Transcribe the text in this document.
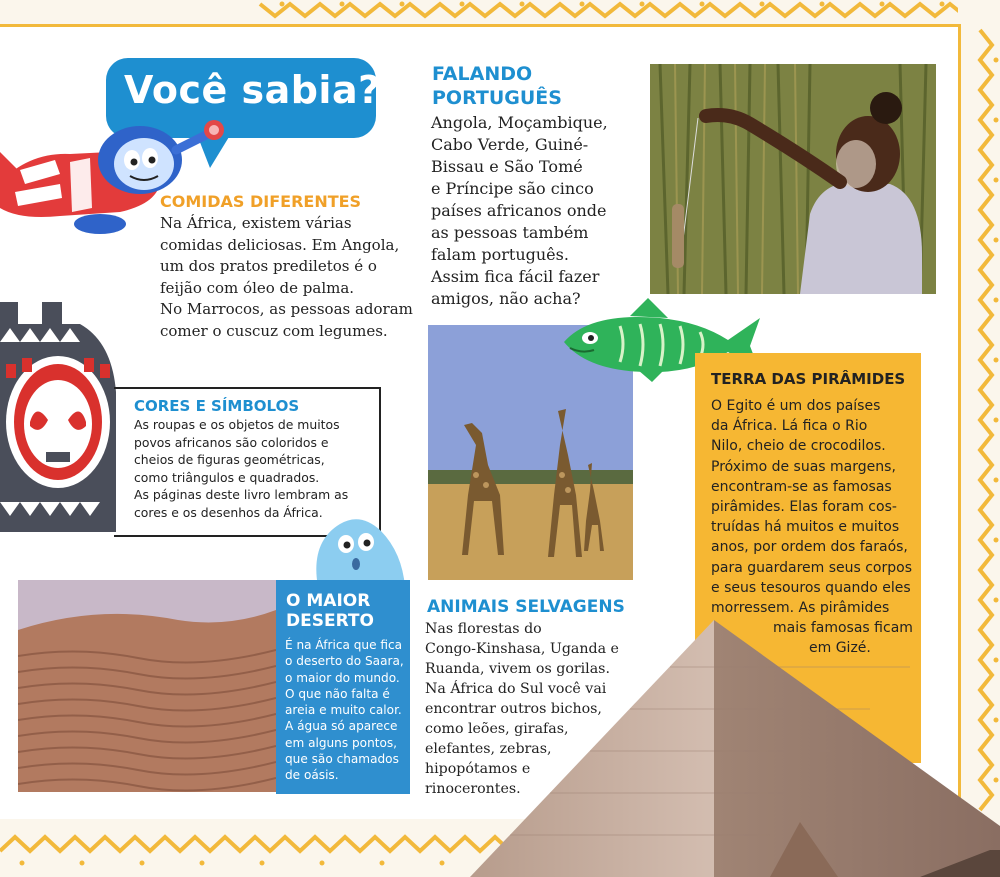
Você sabia?
COMIDAS DIFERENTES
Na África, existem várias
comidas deliciosas. Em Angola,
um dos pratos prediletos é o
feijão com óleo de palma.
No Marrocos, as pessoas adoram
comer o cuscuz com legumes.
FALANDO
PORTUGUÊS
Angola, Moçambique,
Cabo Verde, Guiné-
Bissau e São Tomé
e Príncipe são cinco
países africanos onde
as pessoas também
falam português.
Assim fica fácil fazer
amigos, não acha?
CORES E SÍMBOLOS
As roupas e os objetos de muitos
povos africanos são coloridos e
cheios de figuras geométricas,
como triângulos e quadrados.
As páginas deste livro lembram as
cores e os desenhos da África.
TERRA DAS PIRÂMIDES
O Egito é um dos países
da África. Lá fica o Rio
Nilo, cheio de crocodilos.
Próximo de suas margens,
encontram-se as famosas
pirâmides. Elas foram cos-
truídas há muitos e muitos
anos, por ordem dos faraós,
para guardarem seus corpos
e seus tesouros quando eles
morressem. As pirâmides
mais famosas ficam
em Gizé.
ANIMAIS SELVAGENS
Nas florestas do
Congo-Kinshasa, Uganda e
Ruanda, vivem os gorilas.
Na África do Sul você vai
encontrar outros bichos,
como leões, girafas,
elefantes, zebras,
hipopótamos e
rinocerontes.
O MAIOR
DESERTO
É na África que fica
o deserto do Saara,
o maior do mundo.
O que não falta é
areia e muito calor.
A água só aparece
em alguns pontos,
que são chamados
de oásis.
